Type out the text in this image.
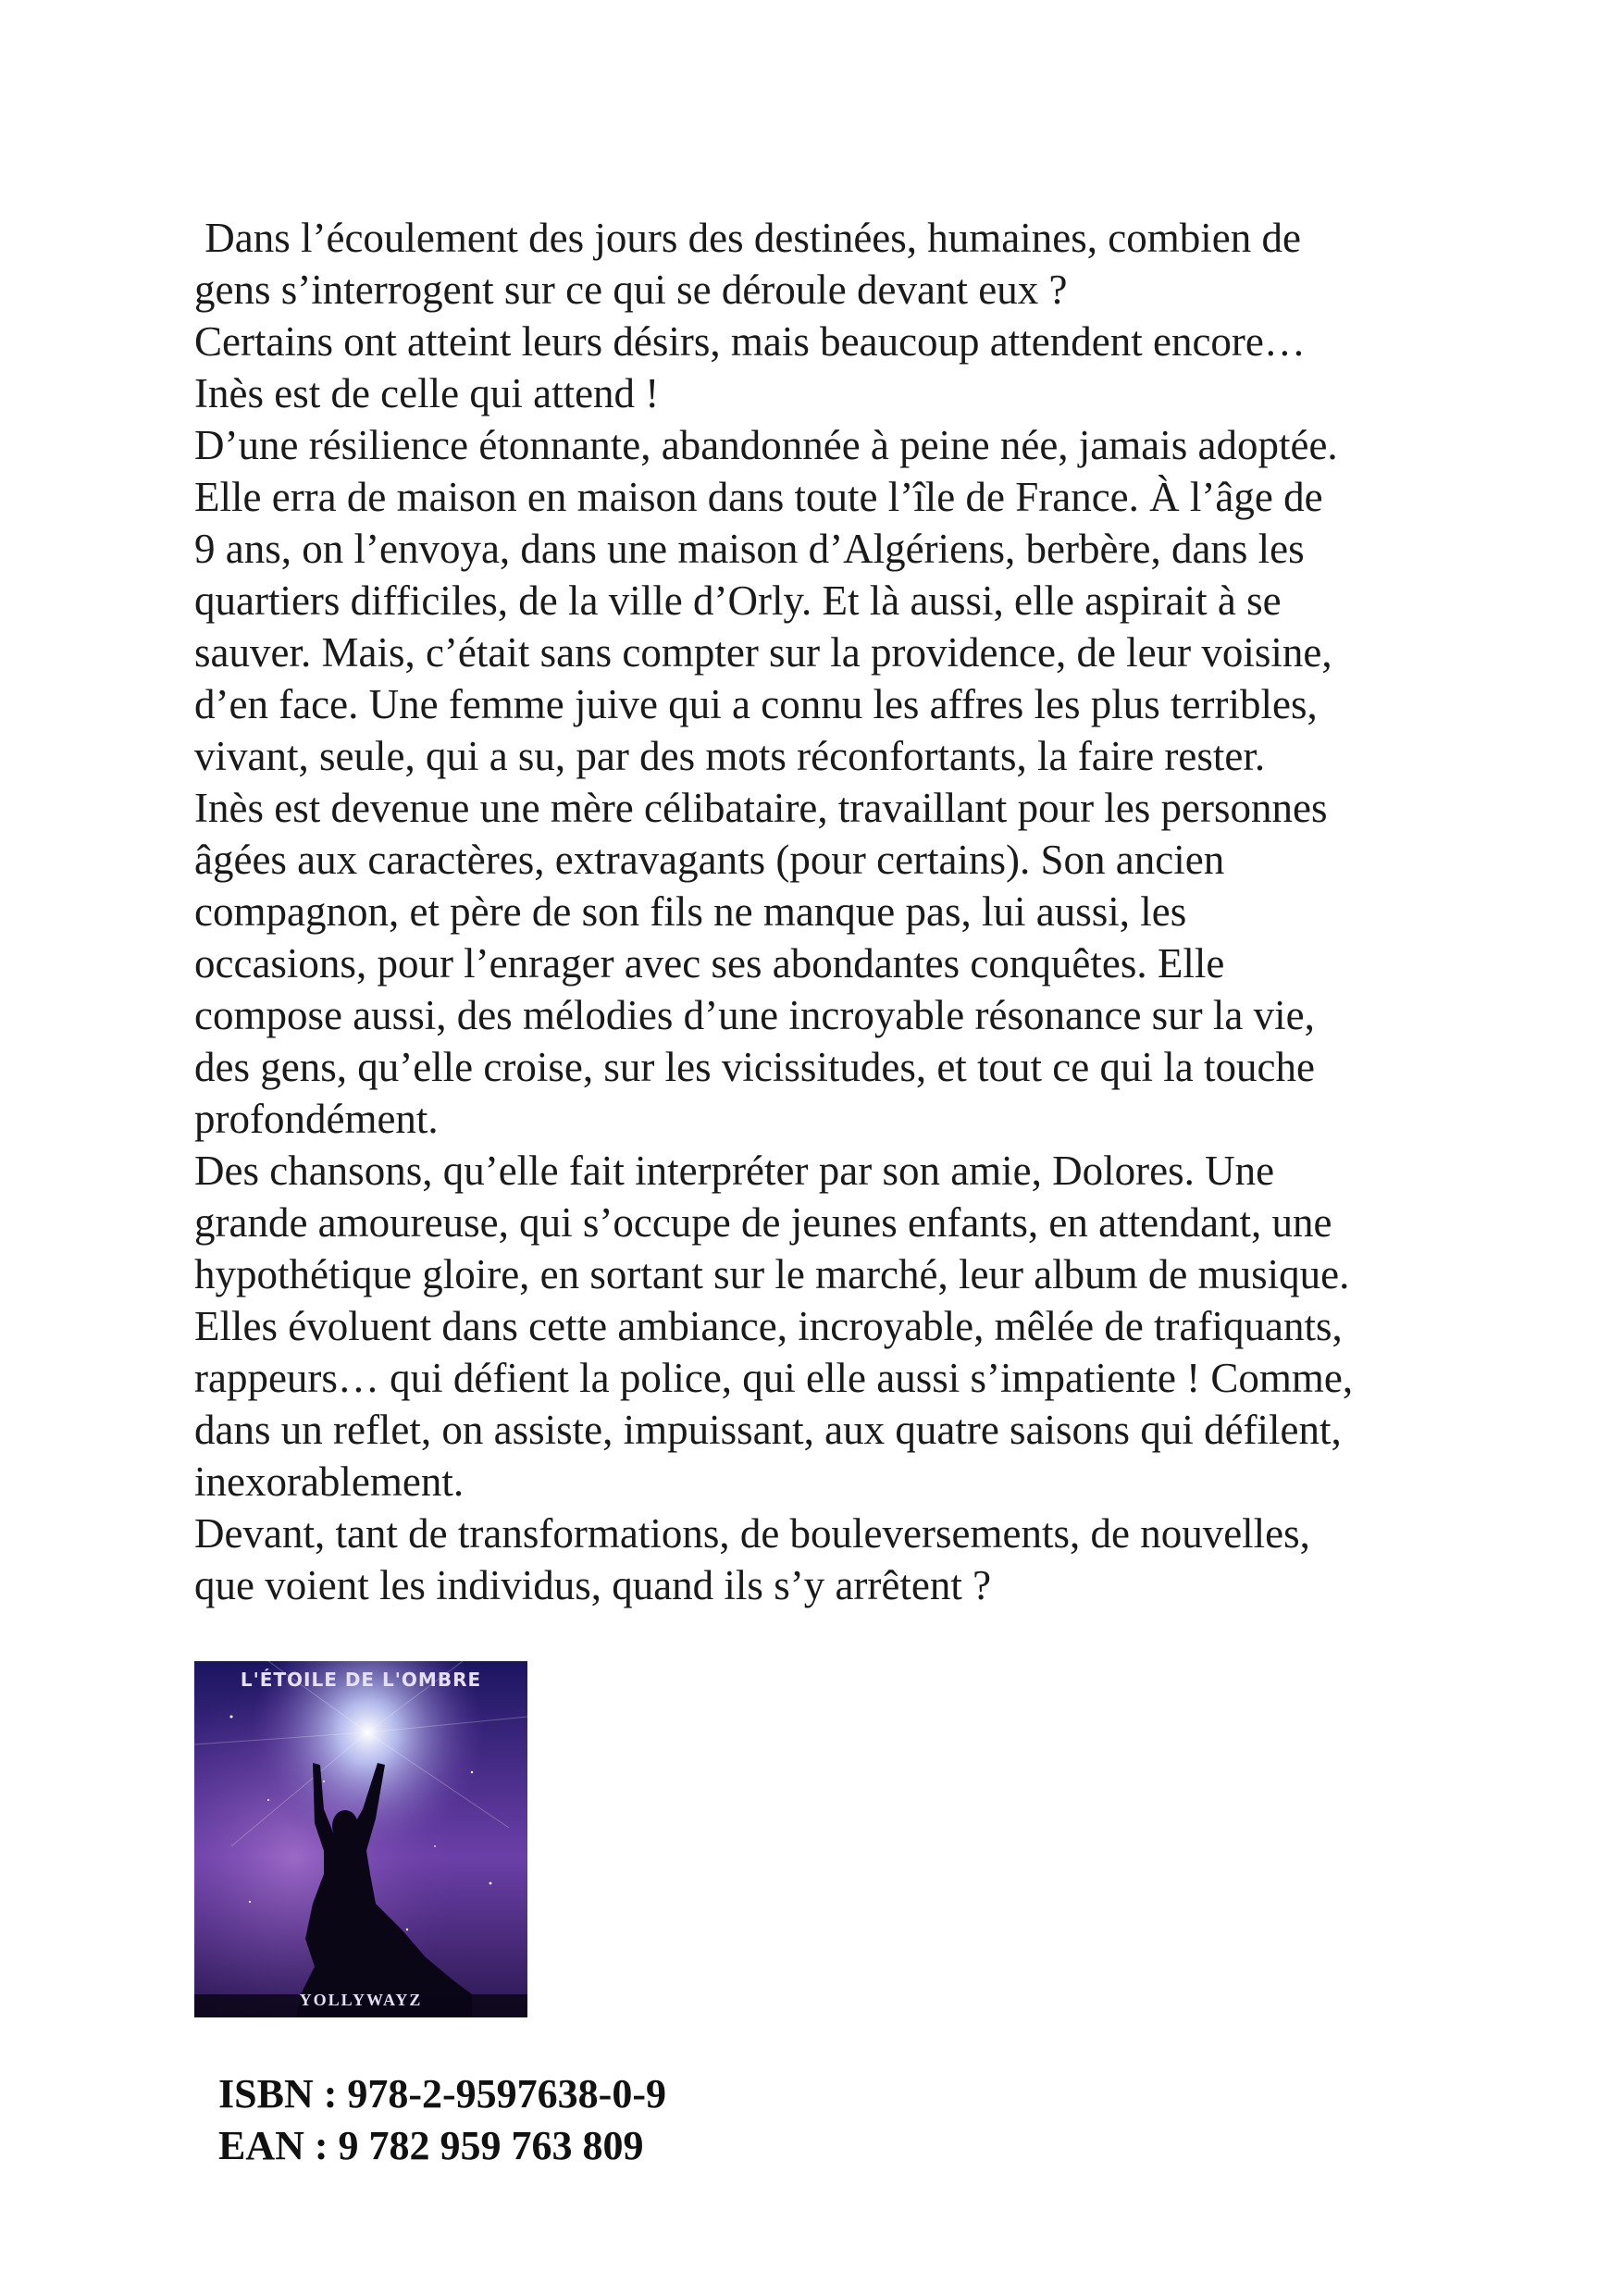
Dans l’écoulement des jours des destinées, humaines, combien de
gens s’interrogent sur ce qui se déroule devant eux ?
Certains ont atteint leurs désirs, mais beaucoup attendent encore…
Inès est de celle qui attend !
D’une résilience étonnante, abandonnée à peine née, jamais adoptée.
Elle erra de maison en maison dans toute l’île de France. À l’âge de
9 ans, on l’envoya, dans une maison d’Algériens, berbère, dans les
quartiers difficiles, de la ville d’Orly. Et là aussi, elle aspirait à se
sauver. Mais, c’était sans compter sur la providence, de leur voisine,
d’en face. Une femme juive qui a connu les affres les plus terribles,
vivant, seule, qui a su, par des mots réconfortants, la faire rester.
Inès est devenue une mère célibataire, travaillant pour les personnes
âgées aux caractères, extravagants (pour certains). Son ancien
compagnon, et père de son fils ne manque pas, lui aussi, les
occasions, pour l’enrager avec ses abondantes conquêtes. Elle
compose aussi, des mélodies d’une incroyable résonance sur la vie,
des gens, qu’elle croise, sur les vicissitudes, et tout ce qui la touche
profondément.
Des chansons, qu’elle fait interpréter par son amie, Dolores. Une
grande amoureuse, qui s’occupe de jeunes enfants, en attendant, une
hypothétique gloire, en sortant sur le marché, leur album de musique.
Elles évoluent dans cette ambiance, incroyable, mêlée de trafiquants,
rappeurs… qui défient la police, qui elle aussi s’impatiente ! Comme,
dans un reflet, on assiste, impuissant, aux quatre saisons qui défilent,
inexorablement.
Devant, tant de transformations, de bouleversements, de nouvelles,
que voient les individus, quand ils s’y arrêtent ?
L'ÉTOILE DE L'OMBRE
YOLLYWAYZ
ISBN : 978-2-9597638-0-9
EAN : 9 782 959 763 809
